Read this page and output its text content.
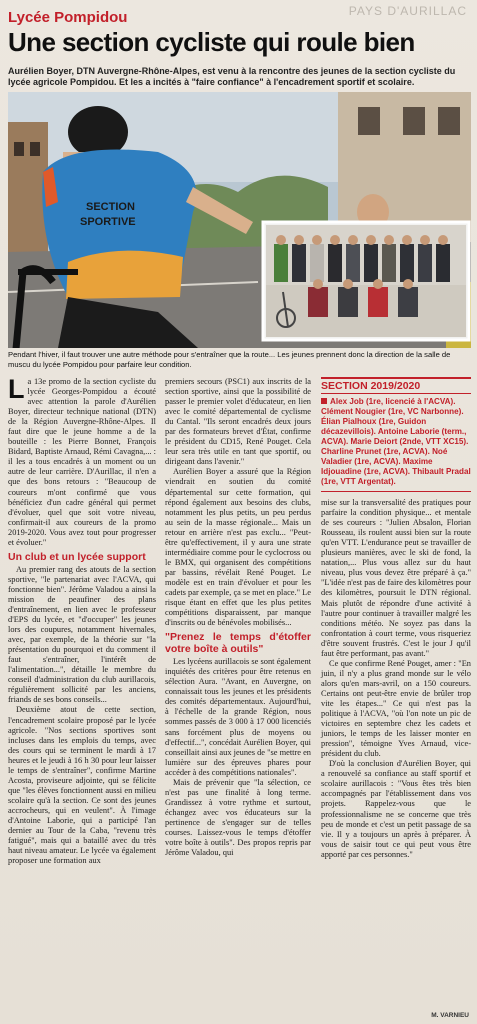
PAYS D'AURILLAC
Lycée Pompidou
Une section cycliste qui roule bien
Aurélien Boyer, DTN Auvergne-Rhône-Alpes, est venu à la rencontre des jeunes de la section cycliste du lycée agricole Pompidou. Et les a incités à "faire confiance" à l'encadrement sportif et scolaire.
SECTION
SPORTIVE
Pendant l'hiver, il faut trouver une autre méthode pour s'entraîner que la route... Les jeunes prennent donc la direction de la salle de muscu du lycée Pompidou pour parfaire leur condition.

La 13e promo de la section cycliste du lycée Georges-Pompidou a écouté avec attention la parole d'Aurélien Boyer, directeur technique national (DTN) de la Région Auvergne-Rhône-Alpes. Il faut dire que le jeune homme a de la bouteille : les Pierre Bonnet, François Bidard, Baptiste Arnaud, Rémi Cavagna,... : il les a tous encadrés à un moment ou un autre de leur carrière. D'Aurillac, il n'en a que des bons retours : "Beaucoup de coureurs m'ont confirmé que vous bénéficiez d'un cadre général qui permet d'évoluer, quel que soit votre niveau, confirmait-il aux coureurs de la promo 2019-2020. Vous avez tout pour progresser et évoluer."

Un club et un lycée support

Au premier rang des atouts de la section sportive, "le partenariat avec l'ACVA, qui fonctionne bien". Jérôme Valadou a ainsi la mission de peaufiner des plans d'entraînement, en lien avec le professeur d'EPS du lycée, et "d'occuper" les jeunes lors des coupures, notamment hivernales, avec, par exemple, de la théorie sur "la présentation du pourquoi et du comment il faut s'entraîner, l'intérêt de l'alimentation...", détaille le membre du conseil d'administration du club aurillacois, régulièrement sollicité par les anciens, friands de ses bons conseils...

Deuxième atout de cette section, l'encadrement scolaire proposé par le lycée agricole. "Nos sections sportives sont incluses dans les emplois du temps, avec des cours qui se terminent le mardi à 17 heures et le jeudi à 16 h 30 pour leur laisser le temps de s'entraîner", confirme Martine Acosta, proviseure adjointe, qui se félicite que "les élèves fonctionnent aussi en milieu scolaire qu'à la section. Ce sont des jeunes accrocheurs, qui en veulent". À l'image d'Antoine Laborie, qui a participé l'an dernier au Tour de la Caba, "revenu très fatigué", mais qui a bataillé avec du très haut niveau amateur. Le lycée va également proposer une formation aux

premiers secours (PSC1) aux inscrits de la section sportive, ainsi que la possibilité de passer le premier volet d'éducateur, en lien avec le comité départemental de cyclisme du Cantal. "Ils seront encadrés deux jours par des formateurs brevet d'État, confirme le président du CD15, René Pouget. Cela leur sera très utile en tant que sportif, ou dirigeant dans l'avenir."

Aurélien Boyer a assuré que la Région viendrait en soutien du comité départemental sur cette formation, qui répond également aux besoins des clubs, notamment les plus petits, un peu perdus au sein de la masse régionale... Mais un retour en arrière n'est pas exclu... "Peut-être qu'effectivement, il y aura une strate intermédiaire comme pour le cyclocross ou le BMX, qui organisent des compétitions par bassins, révélait René Pouget. Le modèle est en train d'évoluer et pour les cadets par exemple, ça se met en place." Le risque étant en effet que les plus petites compétitions disparaissent, par manque d'inscrits ou de bénévoles mobilisés...

"Prenez le temps d'étoffer votre boîte à outils"

Les lycéens aurillacois se sont également inquiétés des critères pour être retenus en sélection Aura. "Avant, en Auvergne, on connaissait tous les jeunes et les présidents des comités départementaux. Aujourd'hui, à l'échelle de la grande Région, nous sommes passés de 3 000 à 17 000 licenciés sans forcément plus de moyens ou d'effectif...", concédait Aurélien Boyer, qui conseillait ainsi aux jeunes de "se mettre en lumière sur des épreuves phares pour accéder à des compétitions nationales".

Mais de prévenir que "la sélection, ce n'est pas une finalité à long terme. Grandissez à votre rythme et surtout, échangez avec vos éducateurs sur la pertinence de s'engager sur de telles courses. Laissez-vous le temps d'étoffer votre boîte à outils". Des propos repris par Jérôme Valadou, qui

SECTION 2019/2020
Alex Job (1re, licencié à l'ACVA). Clément Nougier (1re, VC Narbonne). Élian Pialhoux (1re, Guidon décazevillois). Antoine Laborie (term., ACVA). Marie Deiort (2nde, VTT XC15). Charline Prunet (1re, ACVA). Noé Valadier (1re, ACVA). Maxime Idjouadine (1re, ACVA). Thibault Pradal (1re, VTT Argentat).

mise sur la transversalité des pratiques pour parfaire la condition physique... et mentale de ses coureurs : "Julien Absalon, Florian Rousseau, ils roulent aussi bien sur la route qu'en VTT. L'endurance peut se travailler de plusieurs manières, avec le ski de fond, la natation,... Plus vous allez sur du haut niveau, plus vous devez être préparé à ça." "L'idée n'est pas de faire des kilomètres pour des kilomètres, poursuit le DTN régional. Mais plutôt de répondre d'une activité à l'autre pour continuer à travailler malgré les conditions météo. Ne soyez pas dans la confrontation à court terme, vous risqueriez d'être souvent frustrés. C'est le jour J qu'il faut être performant, pas avant."

Ce que confirme René Pouget, amer : "En juin, il n'y a plus grand monde sur le vélo alors qu'en mars-avril, on a 150 coureurs. Certains ont peut-être envie de brûler trop vite les étapes..." Ce qui n'est pas la politique à l'ACVA, "où l'on note un pic de victoires en septembre chez les cadets et juniors, le temps de les laisser monter en pression", témoigne Yves Arnaud, vice-président du club.

D'où la conclusion d'Aurélien Boyer, qui a renouvelé sa confiance au staff sportif et scolaire aurillacois : "Vous êtes très bien accompagnés par l'établissement dans vos projets. Rappelez-vous que le professionnalisme ne se concerne que très peu de monde et c'est un petit passage de sa vie. Il y a toujours un après à préparer. À vous de saisir tout ce qui peut vous être apporté par ces personnes."

M. VARNIEU
